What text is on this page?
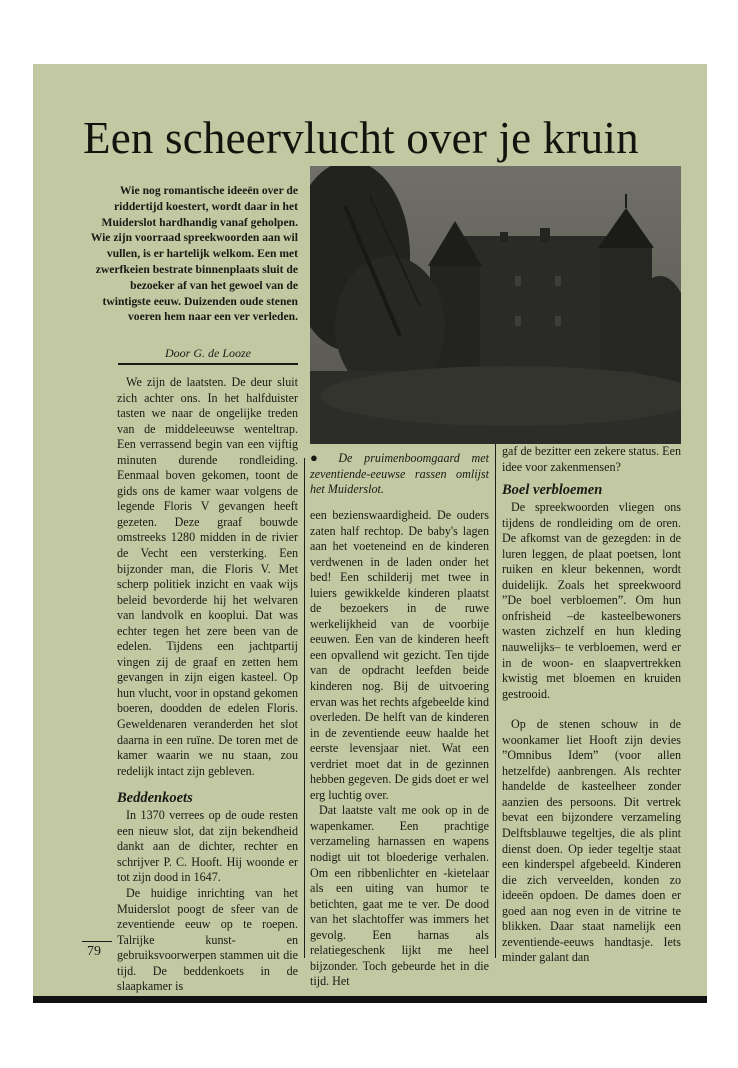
Een scheervlucht over je kruin

Wie nog romantische ideeën over de riddertijd koestert, wordt daar in het Muiderslot hardhandig vanaf geholpen. Wie zijn voorraad spreekwoorden aan wil vullen, is er hartelijk welkom. Een met zwerfkeien bestrate binnenplaats sluit de bezoeker af van het gewoel van de twintigste eeuw. Duizenden oude stenen voeren hem naar een ver verleden.

Door G. de Looze

We zijn de laatsten. De deur sluit zich achter ons. In het halfduister tasten we naar de ongelijke treden van de middeleeuwse wenteltrap. Een verrassend begin van een vijftig minuten durende rondleiding. Eenmaal boven gekomen, toont de gids ons de kamer waar volgens de legende Floris V gevangen heeft gezeten. Deze graaf bouwde omstreeks 1280 midden in de rivier de Vecht een versterking. Een bijzonder man, die Floris V. Met scherp politiek inzicht en vaak wijs beleid bevorderde hij het welvaren van landvolk en kooplui. Dat was echter tegen het zere been van de edelen. Tijdens een jachtpartij vingen zij de graaf en zetten hem gevangen in zijn eigen kasteel. Op hun vlucht, voor in opstand gekomen boeren, doodden de edelen Floris. Geweldenaren veranderden het slot daarna in een ruïne. De toren met de kamer waarin we nu staan, zou redelijk intact zijn gebleven.

Beddenkoets

In 1370 verrees op de oude resten een nieuw slot, dat zijn bekendheid dankt aan de dichter, rechter en schrijver P. C. Hooft. Hij woonde er tot zijn dood in 1647.

De huidige inrichting van het Muiderslot poogt de sfeer van de zeventiende eeuw op te roepen. Talrijke kunst- en gebruiksvoorwerpen stammen uit die tijd. De beddenkoets in de slaapkamer is

● De pruimenboomgaard met zeventiende-eeuwse rassen omlijst het Muiderslot.

een bezienswaardigheid. De ouders zaten half rechtop. De baby's lagen aan het voeteneind en de kinderen verdwenen in de laden onder het bed! Een schilderij met twee in luiers gewikkelde kinderen plaatst de bezoekers in de ruwe werkelijkheid van de voorbije eeuwen. Een van de kinderen heeft een opvallend wit gezicht. Ten tijde van de opdracht leefden beide kinderen nog. Bij de uitvoering ervan was het rechts afgebeelde kind overleden. De helft van de kinderen in de zeventiende eeuw haalde het eerste levensjaar niet. Wat een verdriet moet dat in de gezinnen hebben gegeven. De gids doet er wel erg luchtig over.

Dat laatste valt me ook op in de wapenkamer. Een prachtige verzameling harnassen en wapens nodigt uit tot bloederige verhalen. Om een ribbenlichter en -kietelaar als een uiting van humor te betichten, gaat me te ver. De dood van het slachtoffer was immers het gevolg. Een harnas als relatiegeschenk lijkt me heel bijzonder. Toch gebeurde het in die tijd. Het

gaf de bezitter een zekere status. Een idee voor zakenmensen?

Boel verbloemen

De spreekwoorden vliegen ons tijdens de rondleiding om de oren. De afkomst van de gezegden: in de luren leggen, de plaat poetsen, lont ruiken en kleur bekennen, wordt duidelijk. Zoals het spreekwoord ”De boel verbloemen”. Om hun onfrisheid –de kasteelbewoners wasten zichzelf en hun kleding nauwelijks– te verbloemen, werd er in de woon- en slaapvertrekken kwistig met bloemen en kruiden gestrooid.

Op de stenen schouw in de woonkamer liet Hooft zijn devies ”Omnibus Idem” (voor allen hetzelfde) aanbrengen. Als rechter handelde de kasteelheer zonder aanzien des persoons. Dit vertrek bevat een bijzondere verzameling Delftsblauwe tegeltjes, die als plint dienst doen. Op ieder tegeltje staat een kinderspel afgebeeld. Kinderen die zich verveelden, konden zo ideeën opdoen. De dames doen er goed aan nog even in de vitrine te blikken. Daar staat namelijk een zeventiende-eeuws handtasje. Iets minder galant dan

79
